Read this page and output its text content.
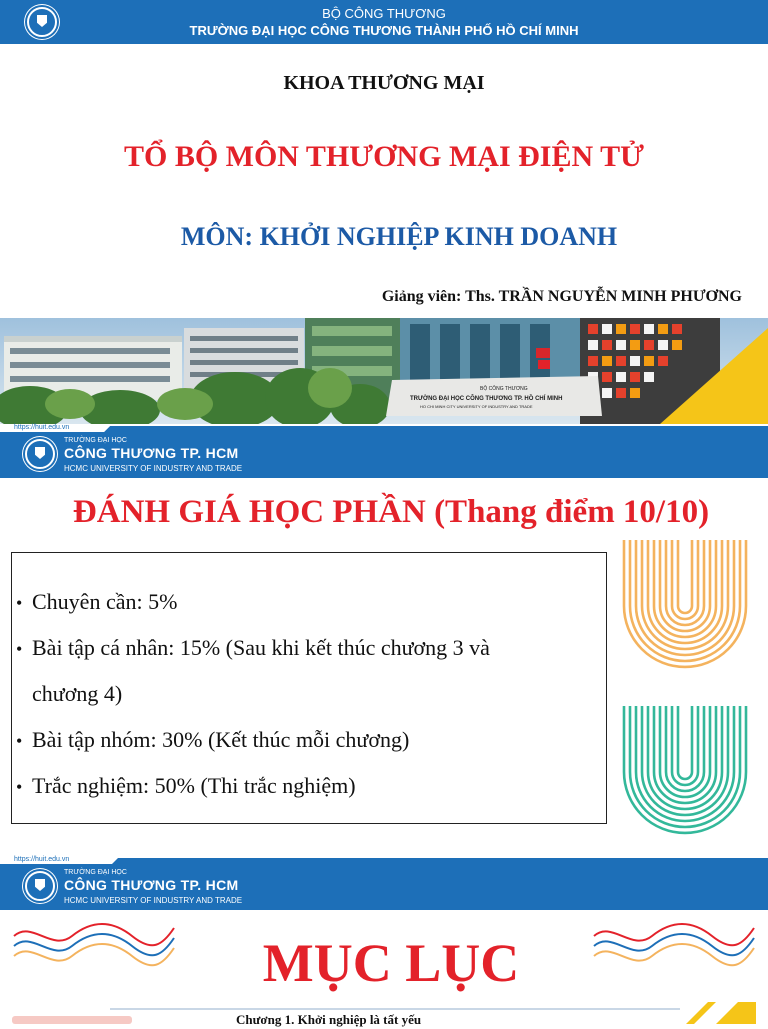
BỘ CÔNG THƯƠNG
TRƯỜNG ĐẠI HỌC CÔNG THƯƠNG THÀNH PHỐ HỒ CHÍ MINH
KHOA THƯƠNG MẠI
TỔ BỘ MÔN THƯƠNG MẠI ĐIỆN TỬ
MÔN: KHỞI NGHIỆP KINH DOANH
Giảng viên: Ths. TRẦN NGUYỄN MINH PHƯƠNG
BỘ CÔNG THƯƠNG
TRƯỜNG ĐẠI HỌC CÔNG THƯƠNG TP. HỒ CHÍ MINH
HO CHI MINH CITY UNIVERSITY OF INDUSTRY AND TRADE
https://huit.edu.vn
TRƯỜNG ĐẠI HỌC
CÔNG THƯƠNG TP. HCM
HCMC UNIVERSITY OF INDUSTRY AND TRADE
ĐÁNH GIÁ HỌC PHẦN (Thang điểm 10/10)
• Chuyên cần: 5%
• Bài tập cá nhân: 15% (Sau khi kết thúc chương 3 và
chương 4)
• Bài tập nhóm: 30% (Kết thúc mỗi chương)
• Trắc nghiệm: 50% (Thi trắc nghiệm)
https://huit.edu.vn
TRƯỜNG ĐẠI HỌC
CÔNG THƯƠNG TP. HCM
HCMC UNIVERSITY OF INDUSTRY AND TRADE
MỤC LỤC
Chương 1. Khởi nghiệp là tất yếu
